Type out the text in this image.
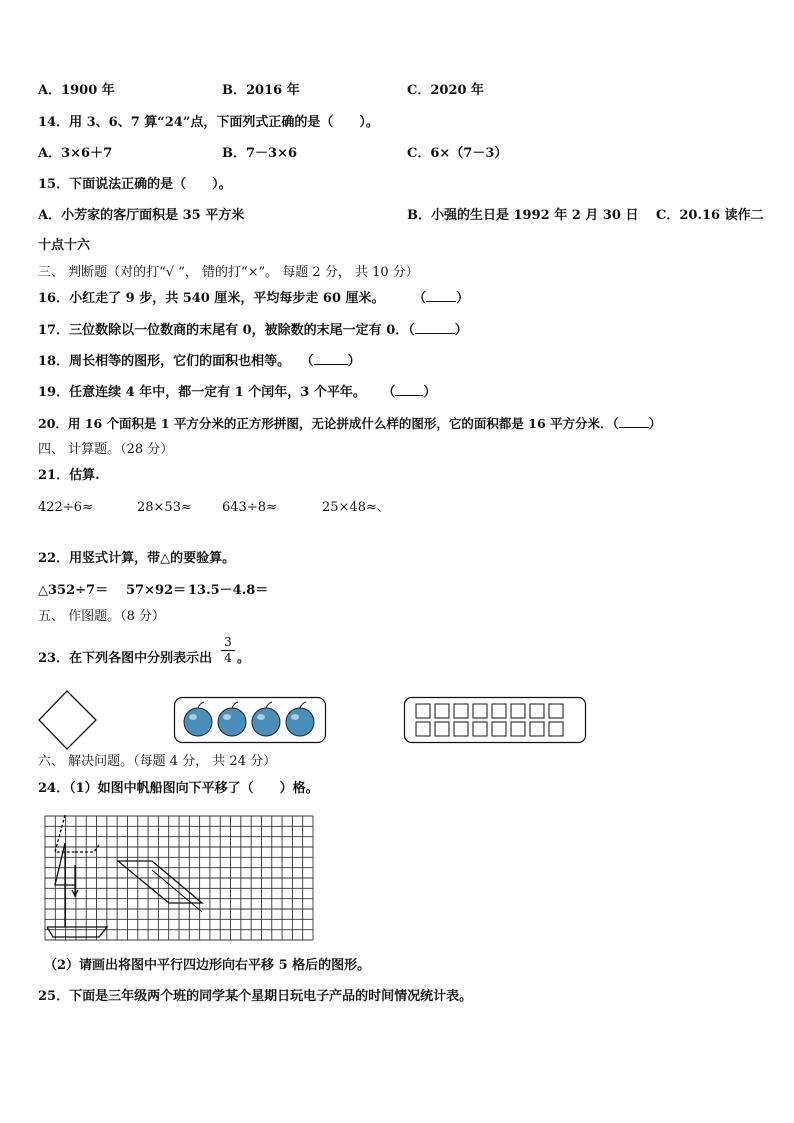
A．1900 年	B．2016 年	C．2020 年
14．用 3、6、7 算“24”点，下面列式正确的是（　　）。
A．3×6＋7	B．7－3×6	C．6×（7－3）
15．下面说法正确的是（　　）。
A．小芳家的客厅面积是 35 平方米	B．小强的生日是 1992 年 2 月 30 日 C．20.16 读作二
十点十六
三、 判断题（对的打“√ ”， 错的打“×”。 每题 2 分， 共 10 分）
16．小红走了 9 步，共 540 厘米，平均每步走 60 厘米。 （ ）
17．三位数除以一位数商的末尾有 0，被除数的末尾一定有 0．（	）
18．周长相等的图形，它们的面积也相等。 （	）
19．任意连续 4 年中，都一定有 1 个闰年，3 个平年。 （ ）
20．用 16 个面积是 1 平方分米的正方形拼图，无论拼成什么样的图形，它的面积都是 16 平方分米．（ ）
四、 计算题。（28 分）
21．估算.
422÷6≈	28×53≈ 643÷8≈	25×48≈、
22．用竖式计算，带△的要验算。
△352÷7＝ 57×92＝ 13.5－4.8＝
五、 作图题。（8 分）
23．在下列各图中分别表示出
3
4 。
六、 解决问题。（每题 4 分， 共 24 分）
24．（1）如图中帆船图向下平移了（　　）格。
（2）请画出将图中平行四边形向右平移 5 格后的图形。
25．下面是三年级两个班的同学某个星期日玩电子产品的时间情况统计表。
